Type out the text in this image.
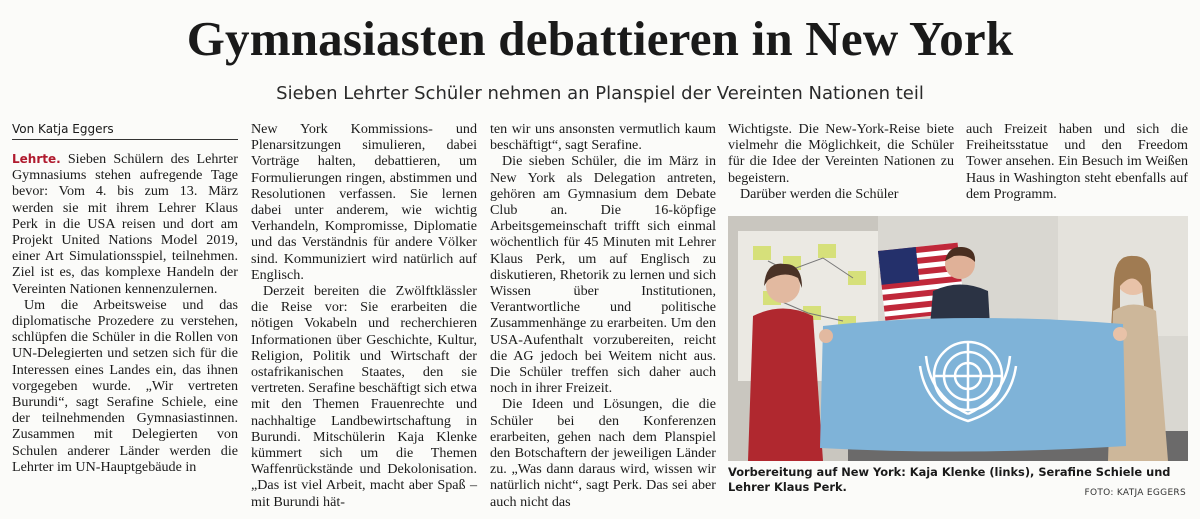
Gymnasiasten debattieren in New York
Sieben Lehrter Schüler nehmen an Planspiel der Vereinten Nationen teil
Von Katja Eggers

Lehrte. Sieben Schülern des Lehrter Gymnasiums stehen aufregende Tage bevor: Vom 4. bis zum 13. März werden sie mit ihrem Lehrer Klaus Perk in die USA reisen und dort am Projekt United Nations Model 2019, einer Art Simulationsspiel, teilnehmen. Ziel ist es, das komplexe Handeln der Vereinten Nationen kennenzulernen.

Um die Arbeitsweise und das diplomatische Prozedere zu verstehen, schlüpfen die Schüler in die Rollen von UN-Delegierten und setzen sich für die Interessen eines Landes ein, das ihnen vorgegeben wurde. „Wir vertreten Burundi“, sagt Serafine Schiele, eine der teilnehmenden Gymnasiastinnen. Zusammen mit Delegierten von Schulen anderer Länder werden die Lehrter im UN-Hauptgebäude in

New York Kommissions- und Plenarsitzungen simulieren, dabei Vorträge halten, debattieren, um Formulierungen ringen, abstimmen und Resolutionen verfassen. Sie lernen dabei unter anderem, wie wichtig Verhandeln, Kompromisse, Diplomatie und das Verständnis für andere Völker sind. Kommuniziert wird natürlich auf Englisch.

Derzeit bereiten die Zwölftklässler die Reise vor: Sie erarbeiten die nötigen Vokabeln und recherchieren Informationen über Geschichte, Kultur, Religion, Politik und Wirtschaft der ostafrikanischen Staates, den sie vertreten. Serafine beschäftigt sich etwa mit den Themen Frauenrechte und nachhaltige Landbewirtschaftung in Burundi. Mitschülerin Kaja Klenke kümmert sich um die Themen Waffenrückstände und Dekolonisation. „Das ist viel Arbeit, macht aber Spaß – mit Burundi hät-

ten wir uns ansonsten vermutlich kaum beschäftigt“, sagt Serafine.

Die sieben Schüler, die im März in New York als Delegation antreten, gehören am Gymnasium dem Debate Club an. Die 16-köpfige Arbeitsgemeinschaft trifft sich einmal wöchentlich für 45 Minuten mit Lehrer Klaus Perk, um auf Englisch zu diskutieren, Rhetorik zu lernen und sich Wissen über Institutionen, Verantwortliche und politische Zusammenhänge zu erarbeiten. Um den USA-Aufenthalt vorzubereiten, reicht die AG jedoch bei Weitem nicht aus. Die Schüler treffen sich daher auch noch in ihrer Freizeit.

Die Ideen und Lösungen, die die Schüler bei den Konferenzen erarbeiten, gehen nach dem Planspiel den Botschaftern der jeweiligen Länder zu. „Was dann daraus wird, wissen wir natürlich nicht“, sagt Perk. Das sei aber auch nicht das

Wichtigste. Die New-York-Reise biete vielmehr die Möglichkeit, die Schüler für die Idee der Vereinten Nationen zu begeistern.

Darüber werden die Schüler

auch Freizeit haben und sich die Freiheitsstatue und den Freedom Tower ansehen. Ein Besuch im Weißen Haus in Washington steht ebenfalls auf dem Programm.

Vorbereitung auf New York: Kaja Klenke (links), Serafine Schiele und Lehrer Klaus Perk.	FOTO: KATJA EGGERS
